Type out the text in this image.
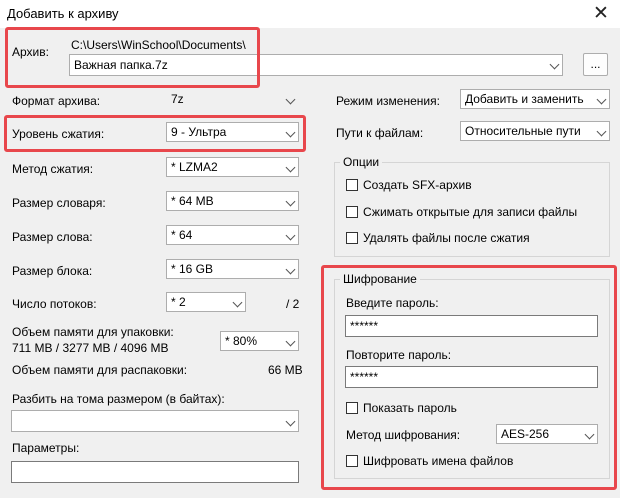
Добавить к архиву	✕
Архив: C:\Users\WinSchool\Documents\
Важная папка.7z	...
Формат архива:	7z
Уровень сжатия:	9 - Ультра
Метод сжатия:	* LZMA2
Размер словаря:	* 64 MB
Размер слова:	* 64
Размер блока:	* 16 GB
Число потоков:	* 2	/ 2
Объем памяти для упаковки:
711 MB / 3277 MB / 4096 MB	* 80%
Объем памяти для распаковки:	66 MB
Разбить на тома размером (в байтах):
Параметры:
Режим изменения:	Добавить и заменить
Пути к файлам:	Относительные пути
Опции
Создать SFX-архив
Сжимать открытые для записи файлы
Удалять файлы после сжатия
Шифрование
Введите пароль:
******
Повторите пароль:
******
Показать пароль
Метод шифрования:	AES-256
Шифровать имена файлов
